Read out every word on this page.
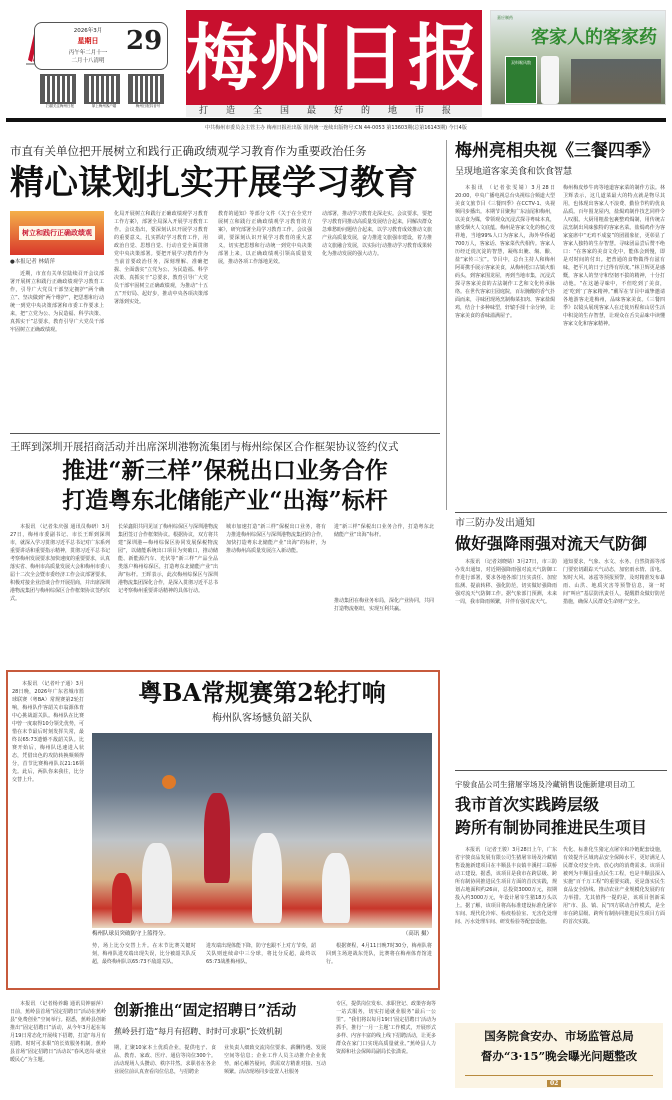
2026年3月
星期日
丙午年二月十一
二月十八清明
29
扫描关注梅州日报	掌上梅州客户端	梅州日报抖音号
梅州日报
打造全国最好的地市报
嘉应制药
客家人的客家药
双料喉风散
中共梅州市委员会主管主办 梅州日报社出版 国内统一连续出版物号:CN 44-0053 第13603期(总第16143期) 今日4版
市直有关单位把开展树立和践行正确政绩观学习教育作为重要政治任务
精心谋划扎实开展学习教育
树立和践行正确政绩观
●本报记者 林婧萍
近期，市直有关单位陆续召开会议部署开展树立和践行正确政绩观学习教育工作，引导广大党员干部坚定拥护“两个确立”、坚决做到“两个维护”，把思想和行动统一到党中央决策部署和市委工作要求上来，把“立党为公、为民造福、科学决策、真抓实干”总要求，教育引导广大党员干部牢固树立正确政绩观。
化局开展树立和践行正确政绩观学习教育工作方案》，部署全局深入开展学习教育工作。会议指出，要深刻认识开展学习教育的重要意义，扎实抓好学习教育工作，用政治自觉、思想自觉、行动自觉全面贯彻党中央决策部署。要把开展学习教育作为当前首要政治任务，深刻理解、准确把握、全面落实“立党为公、为民造福、科学决策、真抓实干”总要求，教育引导广大党员干部牢固树立正确政绩观，为推动“十五五”开好局、起好步，推动中央各项决策部署落到实处。
教育的通知》等部分文件《关于在全党开展树立和践行正确政绩观学习教育的方案》，研究部署全局学习教育工作。会议强调，要深刻认识开展学习教育的重大意义，切实把思想和行动统一到党中央决策部署上来，以正确政绩观引领高质量发展，推动各项工作落地见效。
动部署，推动学习教育走深走实。会议要求，要把学习教育同推动高质量发展结合起来，同解决群众急难愁盼问题结合起来，以学习教育成效推动文旅产业高质量发展，奋力推进文旅强市建设，着力推动文旅融合发展，以实际行动推动学习教育成果转化为推动发展的强大动力。
梅州亮相央视《三餐四季》
呈现地道客家美食和饮食智慧
本报讯 （记者张雯婧）3月28日20:00，中央广播电视总台央视综合频道大型美食文旅节目《三餐四季》在CCTV-1、央视频同步播出。本期节目聚焦广东汕尾和梅州，以美食为媒，带领观众沉浸式探寻粤味本真，感受烟火人文底蕴。梅州是客家文化的核心发祥地，当地99%人口为客家人，海外华侨超700万人，客家话、客家菜代代相传。客家人历经迁徙沉淀的智慧，凝练出腌、焖、酿、盐“家传三宝”。节目中，总台主持人和梅州阿哥携手展示客家美食，从梅州松口古镇火船码头，到客家围龙屋，再到当地市集，沉浸式探寻客家美食的古法制作工艺和文化传承脉络。在世代客家庄园庭院，百坛腌酸的香气扑面而来，寻味团现场烹制梅菜扣肉、客家盐焗鸡，结合十多种味型，轩辕手揉十余分钟，让客家美食的香味溢满屋子。
梅州梅皮炒牛肉等地道客家菜的制作方法。林卫辉表示，这几道菜最大的特点就是物尽其用，也体现出客家人不浪费、勤俭节约的优良品质。百年围龙屋内，盐焗鸡制作技艺同样令人叹服。大厨用粗盐包裹整鸡焗制，用传统古法烹制出风味独特的客家名菜。盐焗鸡作为客家宴席中“无鸡不成宴”的团圆象征，更彰显了客家人独特的生存智慧。寻味团品尝后赞不绝口：“在客家的美食文化中，能体会到慢，即是对时间的付出。把普通的食物做得有滋有味，把平凡的日子过得有厚度。”林卫辉更是感慨，客家人的坚守和坚韧不拔的精神，十分打动他。“在这趟寻味中，不但吃到了美食，还‘吃到’了客家精神。”戴军在节目中诚挚邀请各地游客走进梅州，品味客家美食。《三餐四季》以镜头展现客家人在迁徙历程和山居生活中积淀的生存智慧，让观众在舌尖品味中读懂客家文化和客家精神。
王晖到深圳开展招商活动并出席深圳港物流集团与梅州综保区合作框架协议签约仪式
推进“新三样”保税出口业务合作
打造粤东北储能产业“出海”标杆
本报讯 （记者朱庆强 通讯员梅研）3月27日，梅州市委副书记、市长王晖到深圳市，就深入学习贯彻习近平总书记对广东系列重要讲话和重要指示精神，贯彻习近平总书记考察梅州发展要求加快速度的重要要求，认真落实省、梅州市高质量发展大会和梅州市委八届十二次全会暨市委经济工作会议部署要求，积极对接企业洽谈合作开展招商，并出席深圳港物流集团与梅州综保区合作框架协议签约仪式。
长荣鑫阳共同见证了梅州综保区与深圳港物流集团签订合作框架协议。根据协议，双方将共建“深圳港—梅州综保区协同发展保税物流园”，以储能系统出口项目为突破口，推动储能、新能源汽车、光伏等“新三样”产品全品类落户梅州综保区，打造粤东北储能产业“出海”标杆。王晖表示，此次梅州综保区与深圳港物流集团深化合作，是深入贯彻习近平总书记考察梅州重要讲话精神的具体行动。
城市加速打造“新三样”保税出口业务，将有力推进梅州综保区与深圳港物流集团的合作，加快打造粤东北储能产业“出海”的标杆，为推动梅州高质量发展注入新动能。
进“新三样”保税出口业务合作，打造粤东北储能产业“出海”标杆。
推动集团在梅业务布局，深化产业协同，共同打造物流枢纽，实现互利共赢。
市三防办发出通知
做好强降雨强对流天气防御
本报讯 （记者刘晓婧）3月27日，市三防办发出通知，对近期强降雨强对流天气防御工作进行部署，要求各地各部门压实责任、加密监测、提前转移、强化防范，切实做好强降雨强对流天气防御工作。据气象部门预测，未来一周，我市降雨频繁，并伴有强对流天气。
通知要求，气象、水文、水务、自然资源等部门要密切跟踪天气动态，加密雨水情、雷电、短时大风、冰雹等预报预警，及时精准发布暴雨、山洪、地质灾害等预警信息，第一时间“叫应”基层防汛责任人，提醒群众做好防范措施，确保人民群众生命财产安全。
本报讯 （记者叶子通）3月28日晚，2026年广东省城市篮球联赛（粤BA）常规赛第2轮打响，梅州队作客韶关市翁源体育中心挑战韶关队。梅州队在比赛中曾一度取得10分领先优势，可惜在末节最后时刻发挥失常，最终以65:73遗憾不敌韶关队。比赛开始后，梅州队迅速进入状态，凭借出色的攻防转换频频得分，首节比赛梅州队以21:16领先。此后，两队你来我往，比分交替上升。
粤BA常规赛第2轮打响
梅州队客场憾负韶关队
梅州队球员突破防守上篮得分。	（高讯 摄）
势，场上比分交替上升。在末节比赛关键时刻，梅州队进攻端出现失误，比分被韶关队反超，最终梅州队以65:73不敌韶关队。
进攻端出现体能下降，防守也跟不上对方节奏，韶关队则连续命中三分球，将比分反超，最终以65:73战胜梅州队。
根据赛程，4月11日晚7时30分，梅州队将回到主场迎战东莞队，比赛将在梅州体育馆进行。
宇骏食品公司生猪屠宰场及冷藏销售设施新建项目动工
我市首次实践跨层级
跨所有制协同推进民生项目
本报讯 （记者王骏）3月28日上午，广东省宇骏食品发展有限公司生猪屠宰场及冷藏销售设施新建项目在丰顺县丰良镇丰溪村三联桥动工建设。据悉，该项目是我市在跨层级、跨所有制协同推进民生项目方面的首次实践，规划占地面积约26亩，总投资3000万元，拟期投入约3000万元，年设计屠宰生猪18万头以上。据了解，该项目将高标准建设标准化屠宰车间、现代化冷库、检疫检验室、无害化处理间、污水处理车间、研发检验等配套设施。
代化、标准化生猪定点屠宰和冷链配套设施，有效提升区域肉品安全保障水平，更好满足人民群众对安全肉、放心肉的消费需求。该项目被列为丰顺县重点民生工程，也是丰顺县深入实施“百千万工程”的重要实践，更是落实民生食品安全防线、推动农业产业规模化发展的有力举措。尤其值得一提的是，该项目创新采用“市、县、镇、民”四方联动合作模式，是全市在跨层级、跨所有制协同推进民生项目方面的首次实践。
本报讯 （记者杨养璐 通讯员钟丽萍）日前，蕉岭县首场“固定招聘日”活动在蕉岭县“免费创业”空间举行。据悉，蕉岭县创新推出“固定招聘日”活动，从今年3月起在每月19日常态化开展线下招聘，打造“每月有招聘、时时可求职”的长效服务机制。蕉岭县首场“固定招聘日”活动以“春风送岗·就业暖民心”为主题。
创新推出“固定招聘日”活动
蕉岭县打造“每月有招聘、时时可求职”长效机制
期，汇聚10家本土优质企业，提供电子、食品、教育、家政、医疗、通信等岗位300个。活动现场人头攒动、秩序井然。求职者在各企业展位前认真查看岗位信息，与招聘企
业负责人细致交流岗位要求、薪酬待遇、发展空间等信息；企业工作人员主动推介企业优势，耐心解答疑问，供需双方精准对接、互动频繁。活动现场同步设置人社服务
专区，提供岗位发布、求职登记、政策咨询等一站式服务，切实打通就业服务“最后一公里”。“我们将以每月19日‘固定招聘日’活动为抓手，推行‘一月一主题’工作模式，开展形式多样、内容丰富的线上线下招聘活动，让更多群众在家门口实现高质量就业。”蕉岭县人力资源和社会保障局副局长张潇说。
国务院食安办、市场监管总局
督办“3·15”晚会曝光问题整改
02
